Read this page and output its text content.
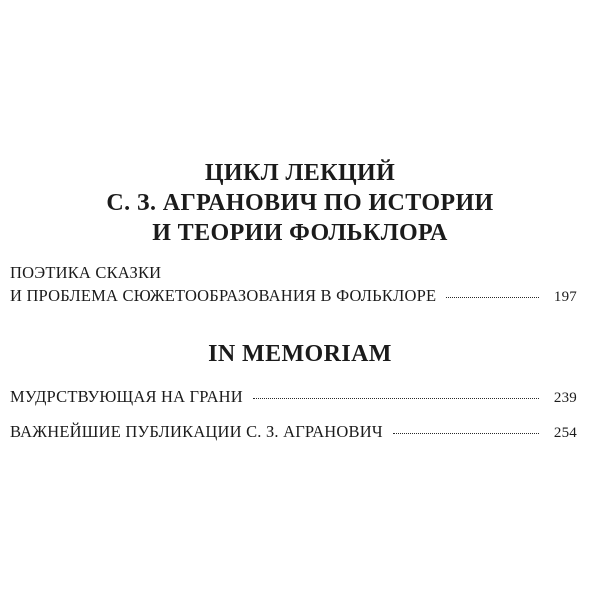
ЦИКЛ ЛЕКЦИЙ
С. З. АГРАНОВИЧ ПО ИСТОРИИ
И ТЕОРИИ ФОЛЬКЛОРА
ПОЭТИКА СКАЗКИ
И ПРОБЛЕМА СЮЖЕТООБРАЗОВАНИЯ В ФОЛЬКЛОРЕ	197
IN MEMORIAM
МУДРСТВУЮЩАЯ НА ГРАНИ	239
ВАЖНЕЙШИЕ ПУБЛИКАЦИИ С. З. АГРАНОВИЧ	254
